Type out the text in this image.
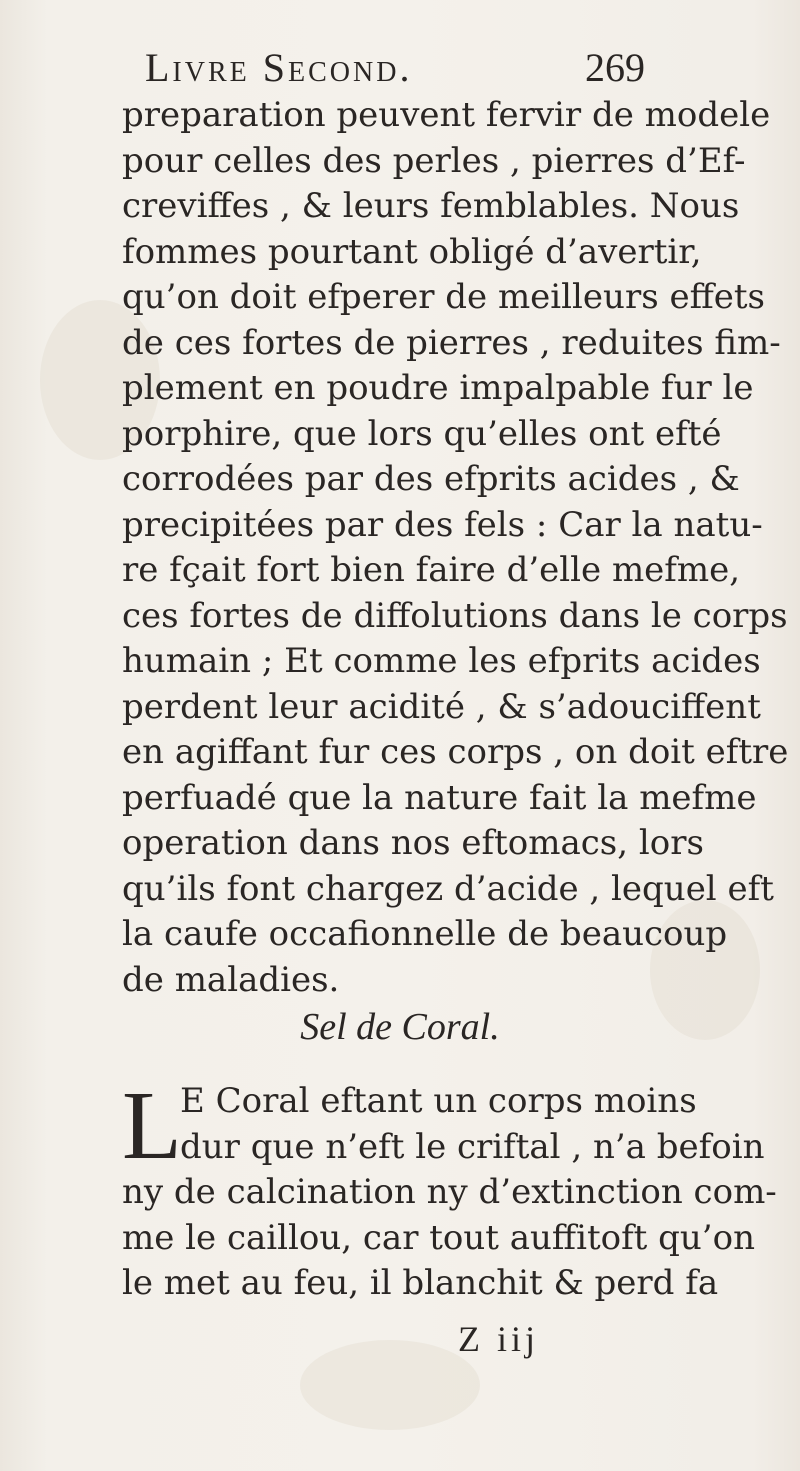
Livre Second.	269
preparation peuvent fervir de modele
pour celles des perles , pierres d’Ef-
creviffes , & leurs femblables. Nous
fommes pourtant obligé d’avertir,
qu’on doit efperer de meilleurs effets
de ces fortes de pierres , reduites fim-
plement en poudre impalpable fur le
porphire, que lors qu’elles ont efté
corrodées par des efprits acides , &
precipitées par des fels : Car la natu-
re fçait fort bien faire d’elle mefme,
ces fortes de diffolutions dans le corps
humain ; Et comme les efprits acides
perdent leur acidité , & s’adouciffent
en agiffant fur ces corps , on doit eftre
perfuadé que la nature fait la mefme
operation dans nos eftomacs, lors
qu’ils font chargez d’acide , lequel eft
la caufe occafionnelle de beaucoup
de maladies.
Sel de Coral.
L
E Coral eftant un corps moins
dur que n’eft le criftal , n’a befoin
ny de calcination ny d’extinction com-
me le caillou, car tout auffitoft qu’on
le met au feu, il blanchit & perd fa
Z iij
